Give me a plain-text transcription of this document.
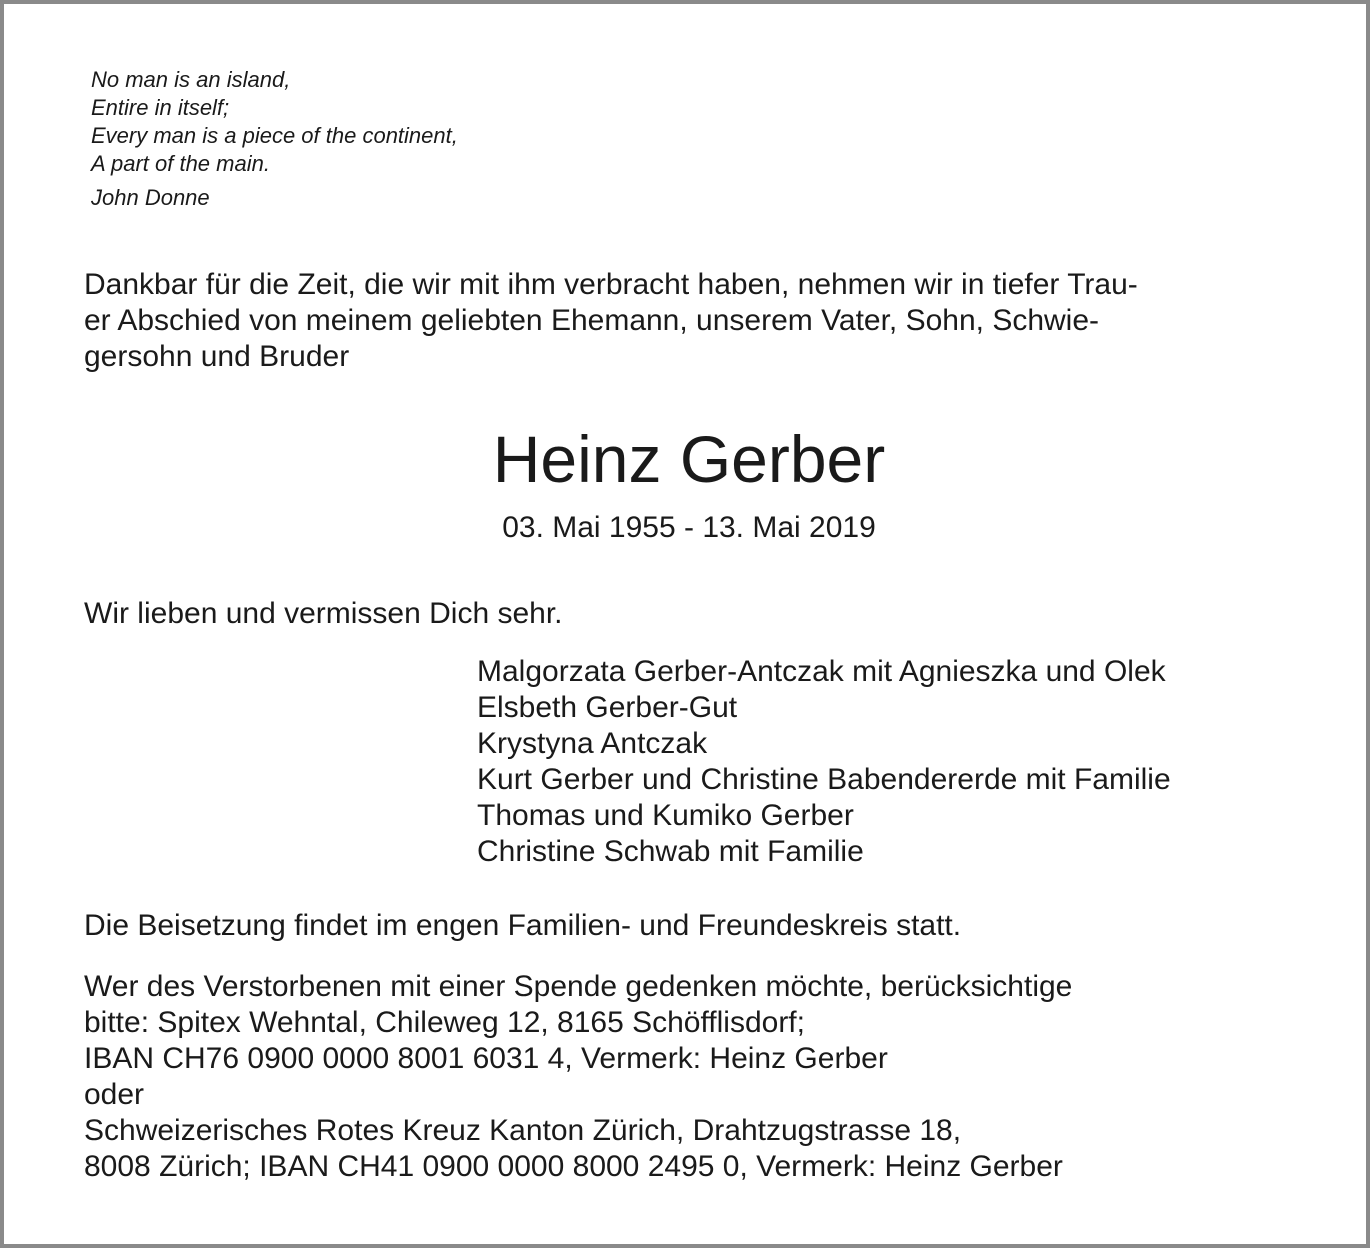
No man is an island,
Entire in itself;
Every man is a piece of the continent,
A part of the main.
John Donne
Dankbar für die Zeit, die wir mit ihm verbracht haben, nehmen wir in tiefer Trau-
er Abschied von meinem geliebten Ehemann, unserem Vater, Sohn, Schwie-
gersohn und Bruder
Heinz Gerber
03. Mai 1955 - 13. Mai 2019
Wir lieben und vermissen Dich sehr.
Malgorzata Gerber-Antczak mit Agnieszka und Olek
Elsbeth Gerber-Gut
Krystyna Antczak
Kurt Gerber und Christine Babendererde mit Familie
Thomas und Kumiko Gerber
Christine Schwab mit Familie
Die Beisetzung findet im engen Familien- und Freundeskreis statt.
Wer des Verstorbenen mit einer Spende gedenken möchte, berücksichtige
bitte: Spitex Wehntal, Chileweg 12, 8165 Schöfflisdorf;
IBAN CH76 0900 0000 8001 6031 4, Vermerk: Heinz Gerber
oder
Schweizerisches Rotes Kreuz Kanton Zürich, Drahtzugstrasse 18,
8008 Zürich; IBAN CH41 0900 0000 8000 2495 0, Vermerk: Heinz Gerber
